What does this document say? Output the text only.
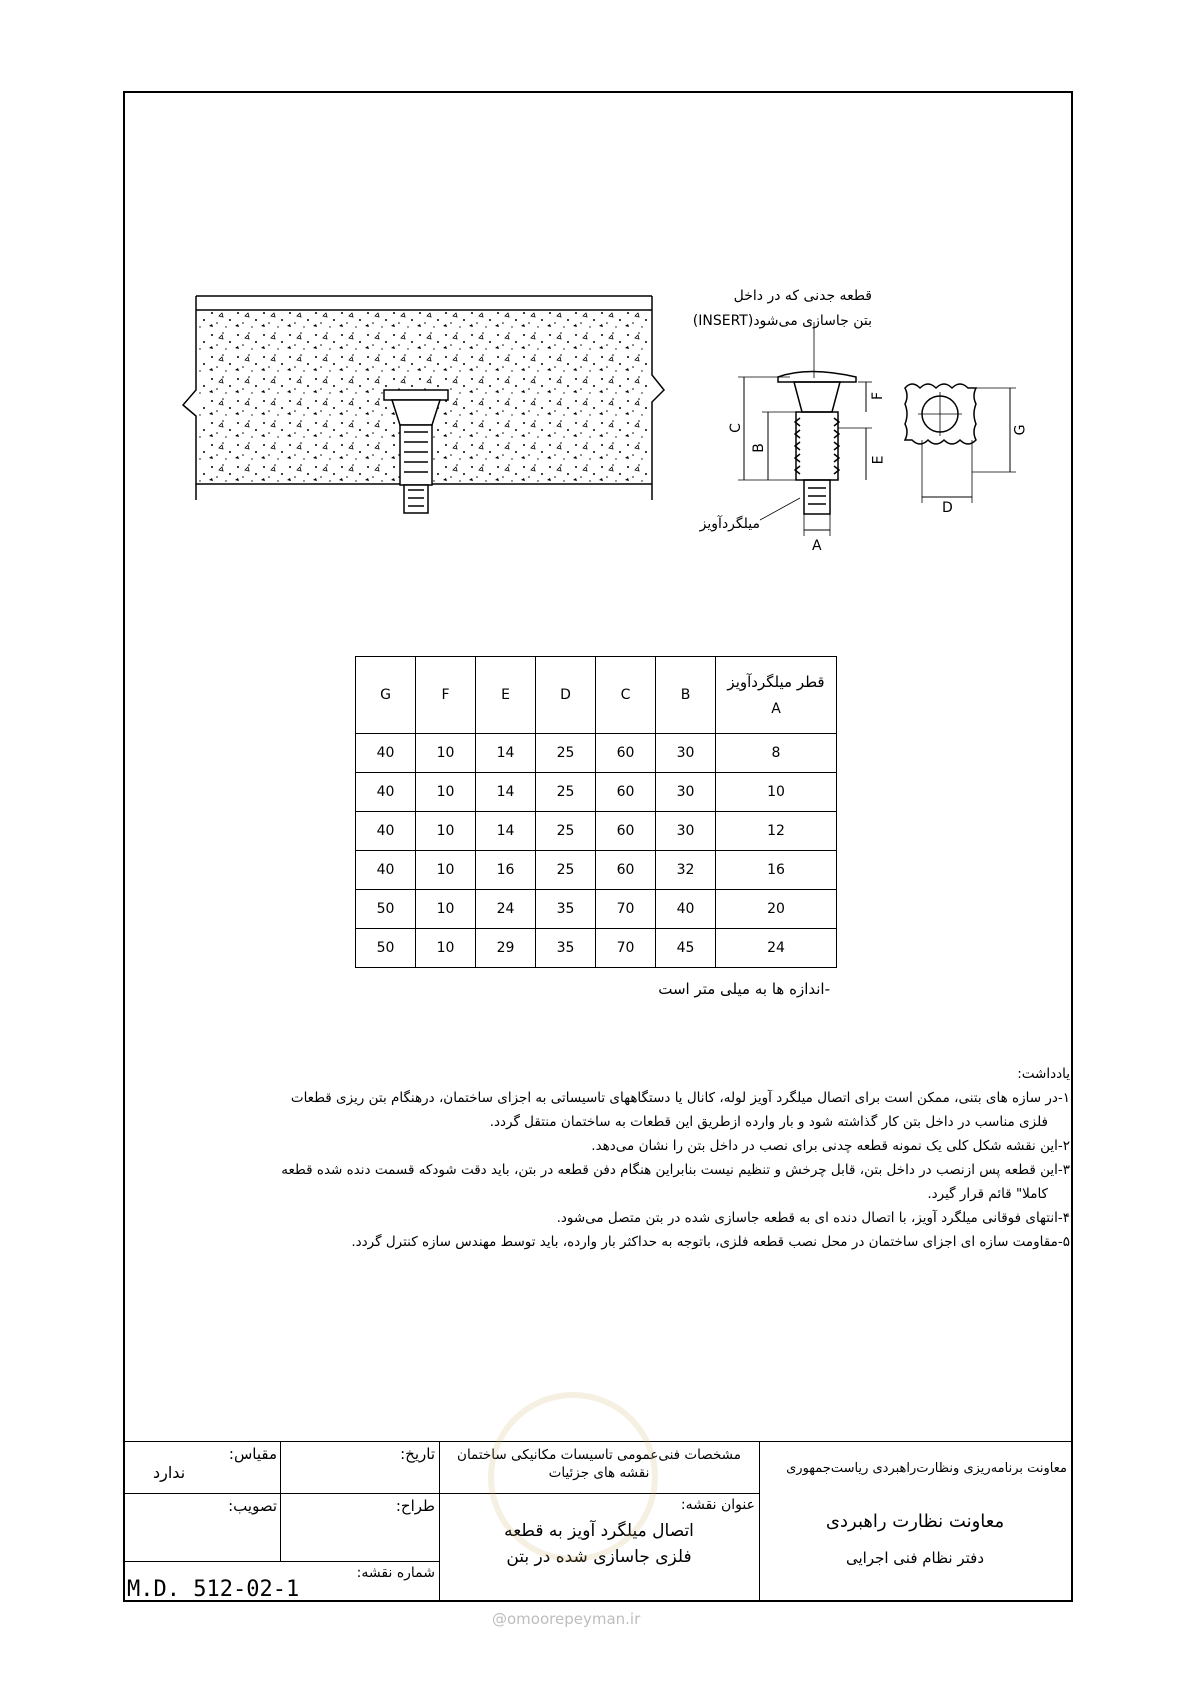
قطعه جدنی که در داخل
بتن جاسازی می‌شود(INSERT)
میلگردآویز
C
B
F
E
A
D
G
G	F	E	D	C	B	قطر میلگردآویز
A

40	10	14	25	60	30	8
40	10	14	25	60	30	10
40	10	14	25	60	30	12
40	10	16	25	60	32	16
50	10	24	35	70	40	20
50	10	29	35	70	45	24
-اندازه ها به میلی متر است

یادداشت:

۱-در سازه های بتنی، ممکن است برای اتصال میلگرد آویز لوله، کانال یا دستگاههای تاسیساتی به اجزای ساختمان، درهنگام بتن ریزی قطعات

فلزی مناسب در داخل بتن کار گذاشته شود و بار وارده ازطریق این قطعات به ساختمان منتقل گردد.

۲-این نقشه شکل کلی یک نمونه قطعه چدنی برای نصب در داخل بتن را نشان می‌دهد.

۳-این قطعه پس ازنصب در داخل بتن، قابل چرخش و تنظیم نیست بنابراین هنگام دفن قطعه در بتن، باید دقت شودکه قسمت دنده شده قطعه

کاملا" قائم قرار گیرد.

۴-انتهای فوقانی میلگرد آویز، با اتصال دنده ای به قطعه جاسازی شده در بتن متصل می‌شود.

۵-مقاومت سازه ای اجزای ساختمان در محل نصب قطعه فلزی، باتوجه به حداکثر بار وارده، باید توسط مهندس سازه کنترل گردد.

معاونت برنامه‌ریزی ونظارت‌راهبردی ریاست‌جمهوری
معاونت نظارت راهبردی
دفتر نظام فنی اجرایی
مشخصات فنی‌عمومی تاسیسات مکانیکی ساختمان
نقشه های جزئیات
عنوان نقشه:
اتصال میلگرد آویز به قطعه
فلزی جاسازی شده در بتن
تاریخ:
طراح:
مقیاس:
ندارد
تصویب:
شماره نقشه:
M.D. 512-02-1
@omoorepeyman.ir
